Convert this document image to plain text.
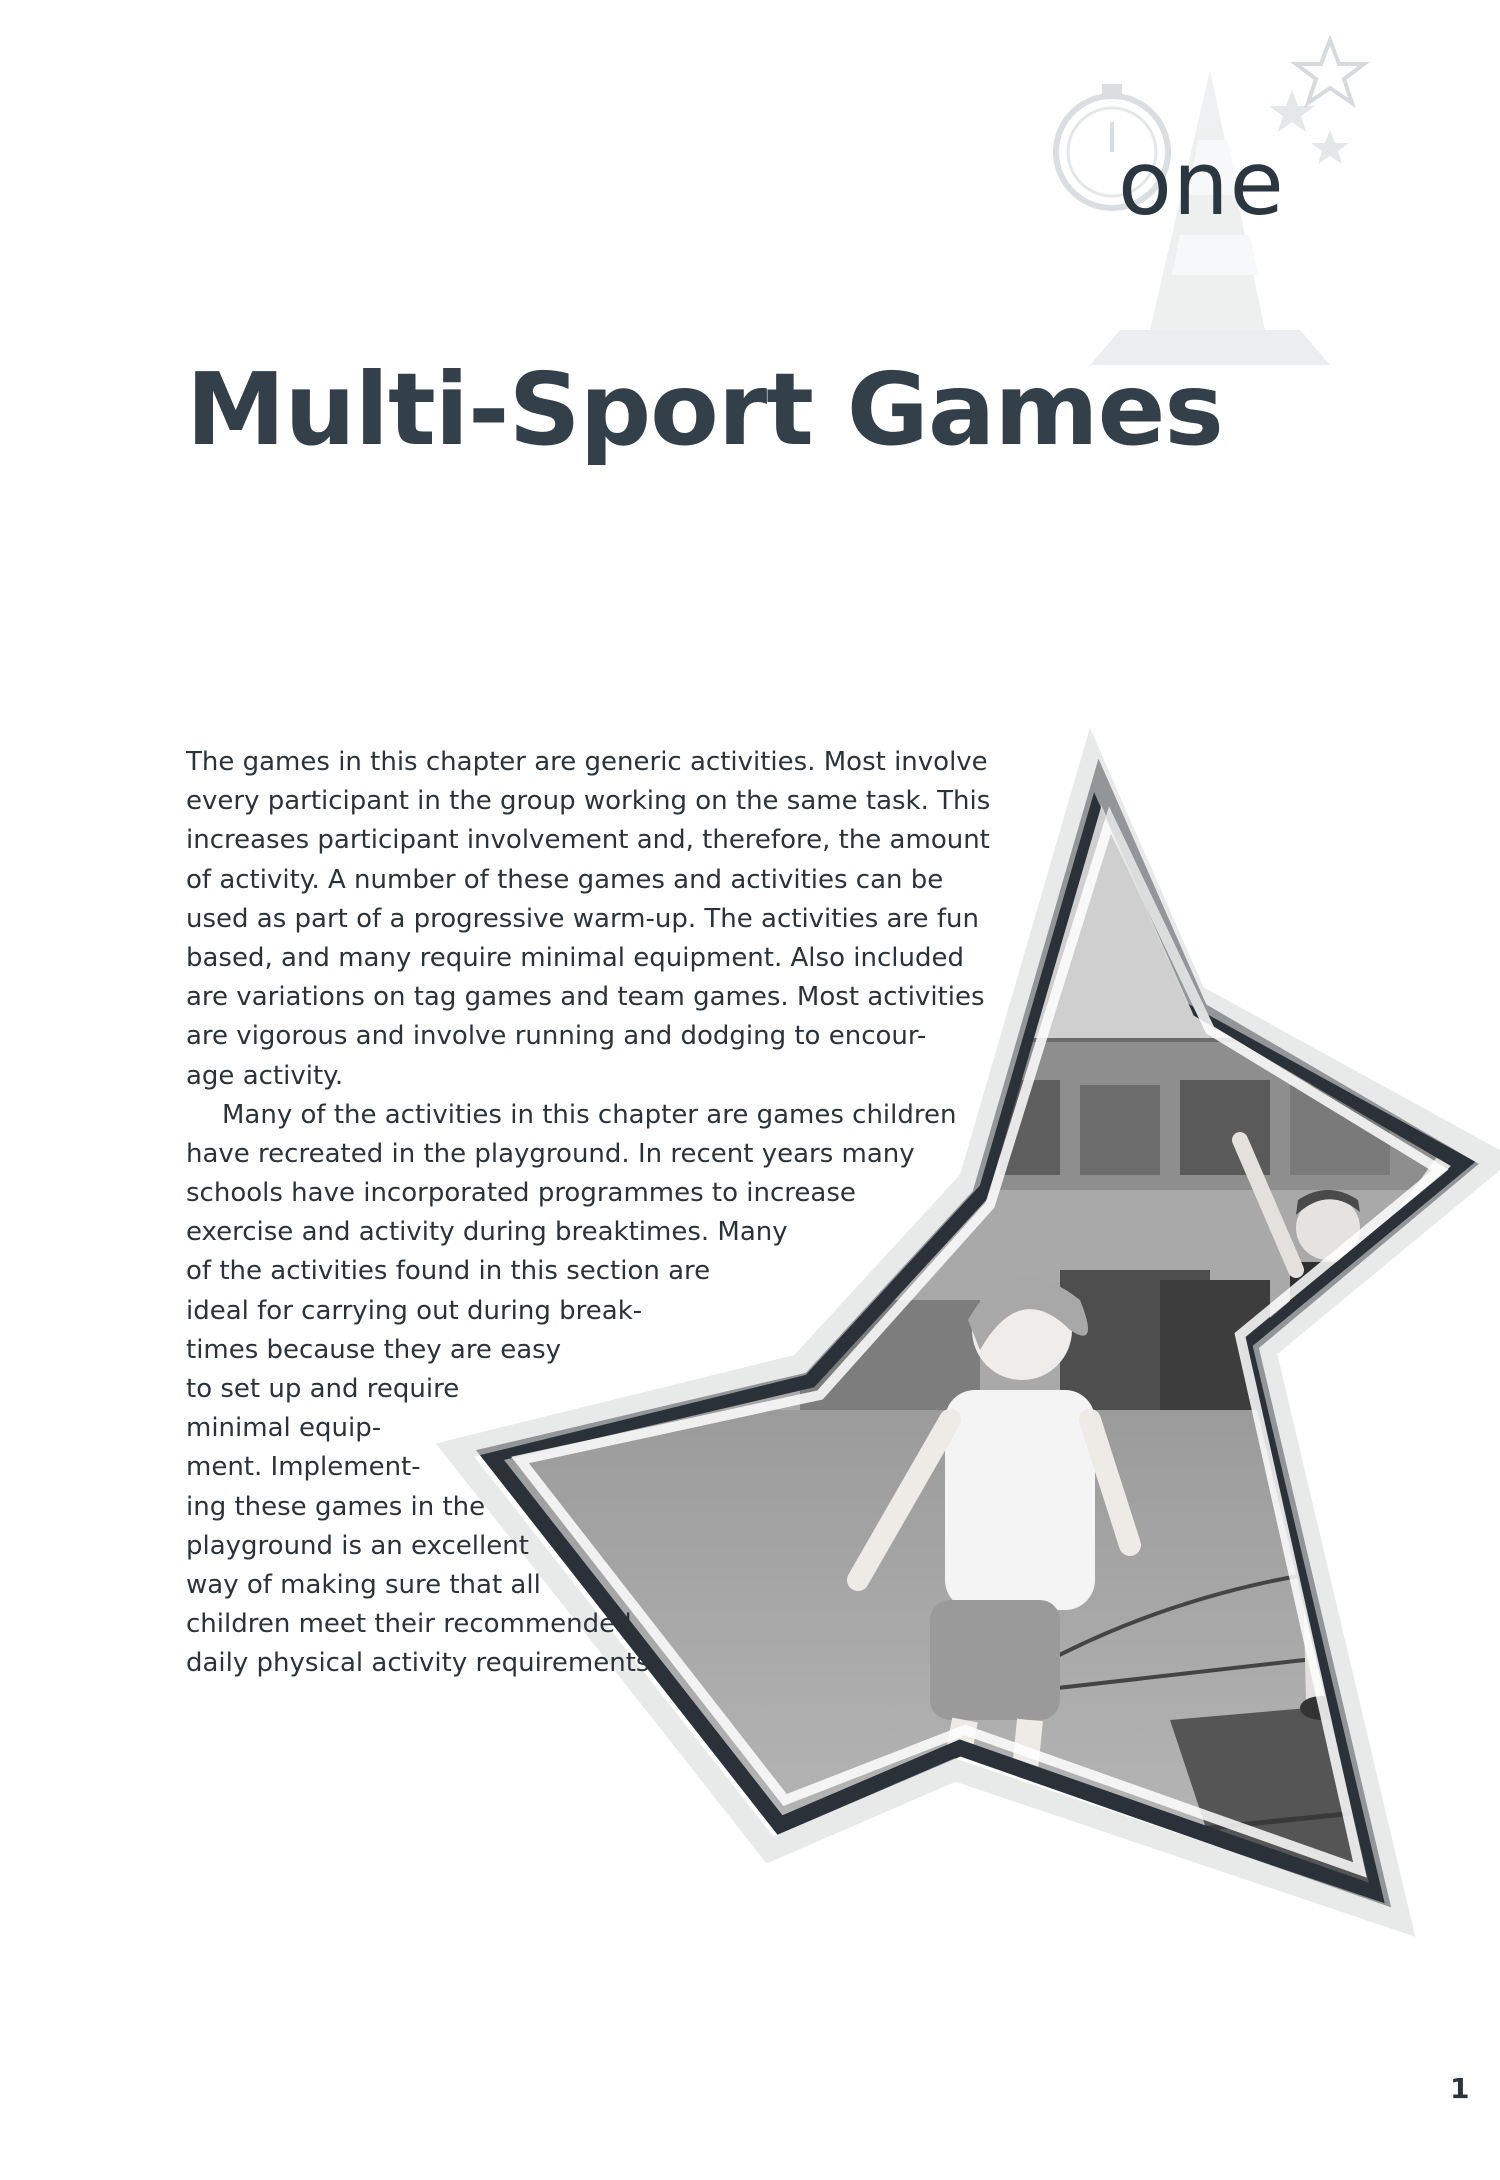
one
Multi-Sport Games
The games in this chapter are generic activities. Most involve
every participant in the group working on the same task. This
increases participant involvement and, therefore, the amount
of activity. A number of these games and activities can be
used as part of a progressive warm-up. The activities are fun
based, and many require minimal equipment. Also included
are variations on tag games and team games. Most activities
are vigorous and involve running and dodging to encour-
age activity.
Many of the activities in this chapter are games children
have recreated in the playground. In recent years many
schools have incorporated programmes to increase
exercise and activity during breaktimes. Many
of the activities found in this section are
ideal for carrying out during break-
times because they are easy
to set up and require
minimal equip-
ment. Implement-
ing these games in the
playground is an excellent
way of making sure that all
children meet their recommended
daily physical activity requirements.
1
